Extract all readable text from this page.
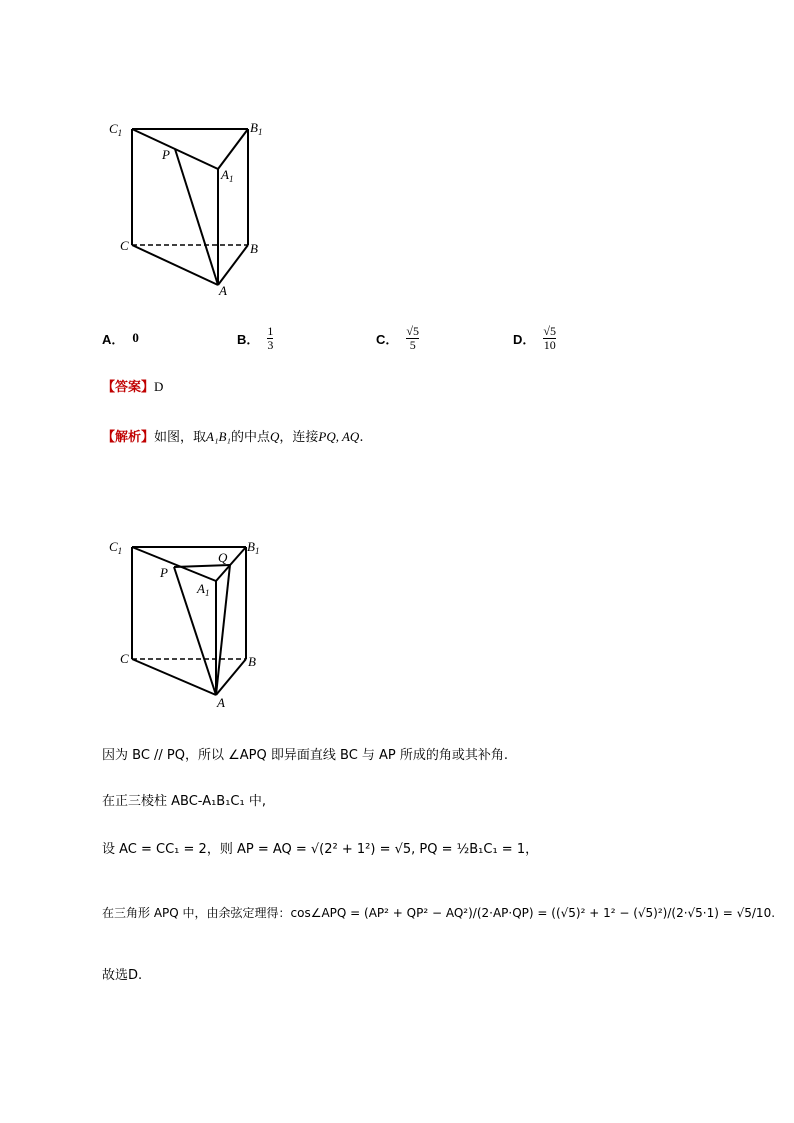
$C_1$	$B_1$
P
$A_1$
C	B
A
A． 0	B． $\frac{1}{3}$	C． $\frac{√5}{5}$	D． $\frac{√5}{10}$
【答案】D
【解析】如图，取A₁B₁的中点Q，连接PQ, AQ.
$C_1$	$B_1$
Q
P
$A_1$
C	B
A
因为 BC // PQ，所以 ∠APQ 即异面直线 BC 与 AP 所成的角或其补角.
在正三棱柱 ABC-A₁B₁C₁ 中,
设 AC = CC₁ = 2，则 AP = AQ = √(2² + 1²) = √5, PQ = ½B₁C₁ = 1，
在三角形 APQ 中，由余弦定理得：cos∠APQ = (AP² + QP² − AQ²)/(2·AP·QP) = ((√5)² + 1² − (√5)²)/(2·√5·1) = √5/10.
故选D.
